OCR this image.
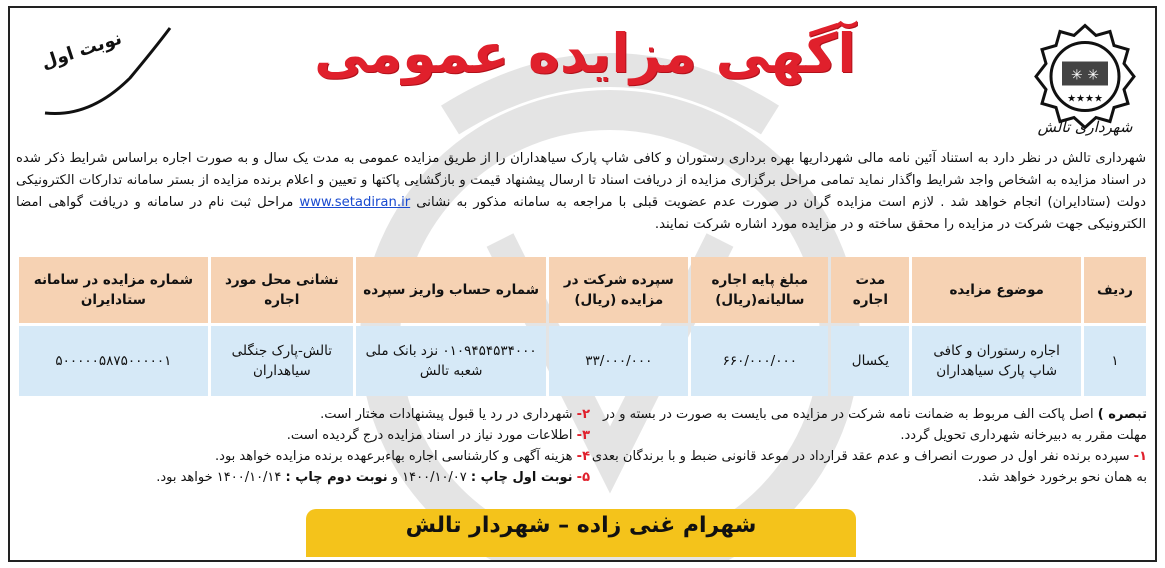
✳ ✳
★★★★
شهرداری تالش
آگهی مزایده عمومی
نوبت اول
شهرداری تالش در نظر دارد به استناد آئین نامه مالی شهرداریها بهره برداری رستوران و کافی شاپ پارک سیاهداران را از طریق مزایده عمومی به مدت یک سال و به صورت اجاره براساس شرایط ذکر شده در اسناد مزایده به اشخاص واجد شرایط واگذار نماید تمامی مراحل برگزاری مزایده از دریافت اسناد تا ارسال پیشنهاد قیمت و بازگشایی پاکتها و تعیین و اعلام برنده مزایده از بستر سامانه تدارکات الکترونیکی دولت (ستادایران) انجام خواهد شد . لازم است مزایده گران در صورت عدم عضویت قبلی با مراجعه به سامانه مذکور به نشانی www.setadiran.ir مراحل ثبت نام در سامانه و دریافت گواهی امضا الکترونیکی جهت شرکت در مزایده را محقق ساخته و در مزایده مورد اشاره شرکت نمایند.
ردیف	موضوع مزایده	مدت اجاره	مبلغ پایه اجاره سالیانه(ریال)	سپرده شرکت در مزایده (ریال)	شماره حساب واریز سپرده	نشانی محل مورد اجاره	شماره مزایده در سامانه ستادایران
۱	اجاره رستوران و کافی شاپ پارک سیاهداران	یکسال	۶۶۰/۰۰۰/۰۰۰	۳۳/۰۰۰/۰۰۰	۰۱۰۹۴۵۴۵۳۴۰۰۰ نزد بانک ملی شعبه تالش	تالش-پارک جنگلی سیاهداران	۵۰۰۰۰۰۵۸۷۵۰۰۰۰۰۱
تبصره ) اصل پاکت الف مربوط به ضمانت نامه شرکت در مزایده می بایست به صورت در بسته و در مهلت مقرر به دبیرخانه شهرداری تحویل گردد.
۱- سپرده برنده نفر اول در صورت انصراف و عدم عقد قرارداد در موعد قانونی ضبط و با برندگان بعدی به همان نحو برخورد خواهد شد.
۲- شهرداری در رد یا قبول پیشنهادات مختار است.
۳- اطلاعات مورد نیاز در اسناد مزایده درج گردیده است.
۴- هزینه آگهی و کارشناسی اجاره بهاءبرعهده برنده مزایده خواهد بود.
۵- نوبت اول چاپ : ۱۴۰۰/۱۰/۰۷ و نوبت دوم چاپ : ۱۴۰۰/۱۰/۱۴ خواهد بود.
شهرام غنی زاده – شهردار تالش
